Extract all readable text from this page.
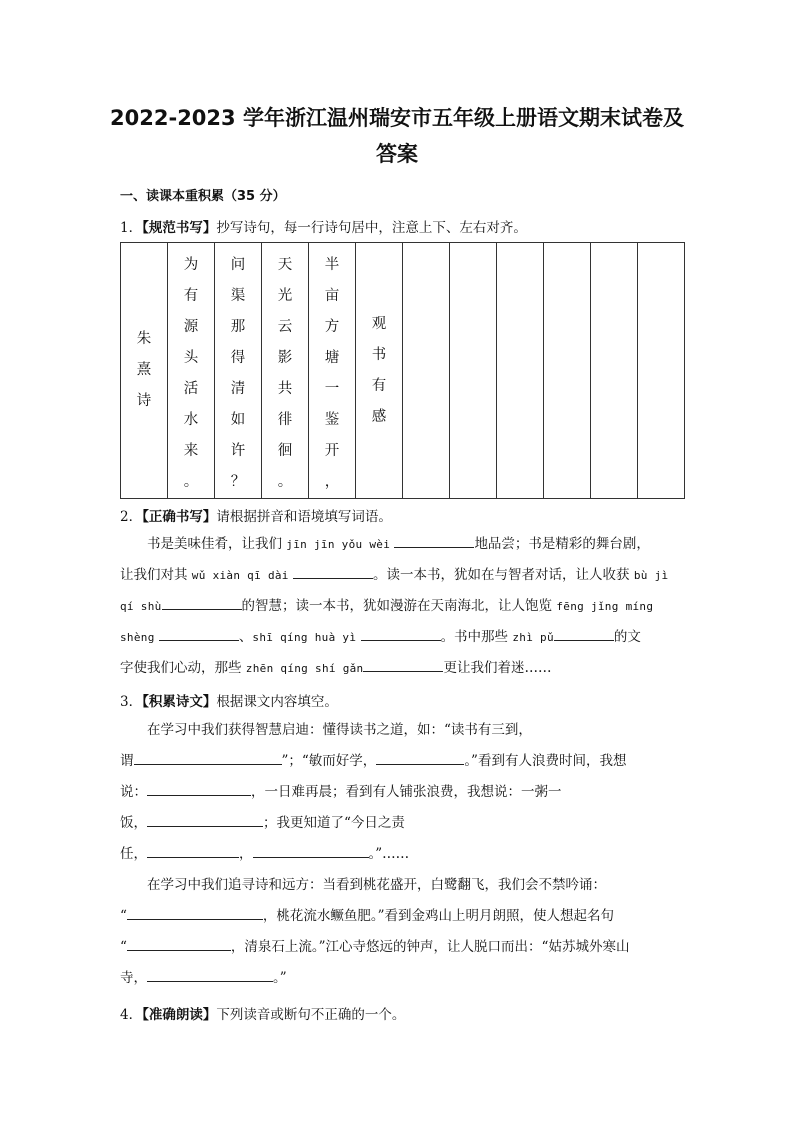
2022-2023 学年浙江温州瑞安市五年级上册语文期末试卷及
答案
一、读课本重积累（35 分）
1．【规范书写】抄写诗句，每一行诗句居中，注意上下、左右对齐。
朱
熹
诗

为
有
源
头
活
水
来
。

问
渠
那
得
清
如
许
？

天
光
云
影
共
徘
徊
。

半
亩
方
塘
一
鉴
开
，

观
书
有
感

2．【正确书写】请根据拼音和语境填写词语。
书是美味佳肴，让我们 jīn jīn yǒu wèi	地品尝；书是精彩的舞台剧，
让我们对其 wǔ xiàn qī dài	。读一本书，犹如在与智者对话，让人收获 bù jì
qí shù	的智慧；读一本书，犹如漫游在天南海北，让人饱览 fēng jǐng míng
shèng	、shī qíng huà yì	。书中那些 zhì pǔ	的文
字使我们心动，那些 zhēn qíng shí gǎn	更让我们着迷……
3．【积累诗文】根据课文内容填空。
在学习中我们获得智慧启迪：懂得读书之道，如：“读书有三到，
谓	”；“敏而好学，	。”看到有人浪费时间，我想
说：	，一日难再晨；看到有人铺张浪费，我想说：一粥一
饭，	；我更知道了“今日之责
任，	，	。”……
在学习中我们追寻诗和远方：当看到桃花盛开，白鹭翻飞，我们会不禁吟诵：
“	，桃花流水鳜鱼肥。”看到金鸡山上明月朗照，使人想起名句
“	，清泉石上流。”江心寺悠远的钟声，让人脱口而出：“姑苏城外寒山
寺，	。”
4．【准确朗读】下列读音或断句不正确的一个。
